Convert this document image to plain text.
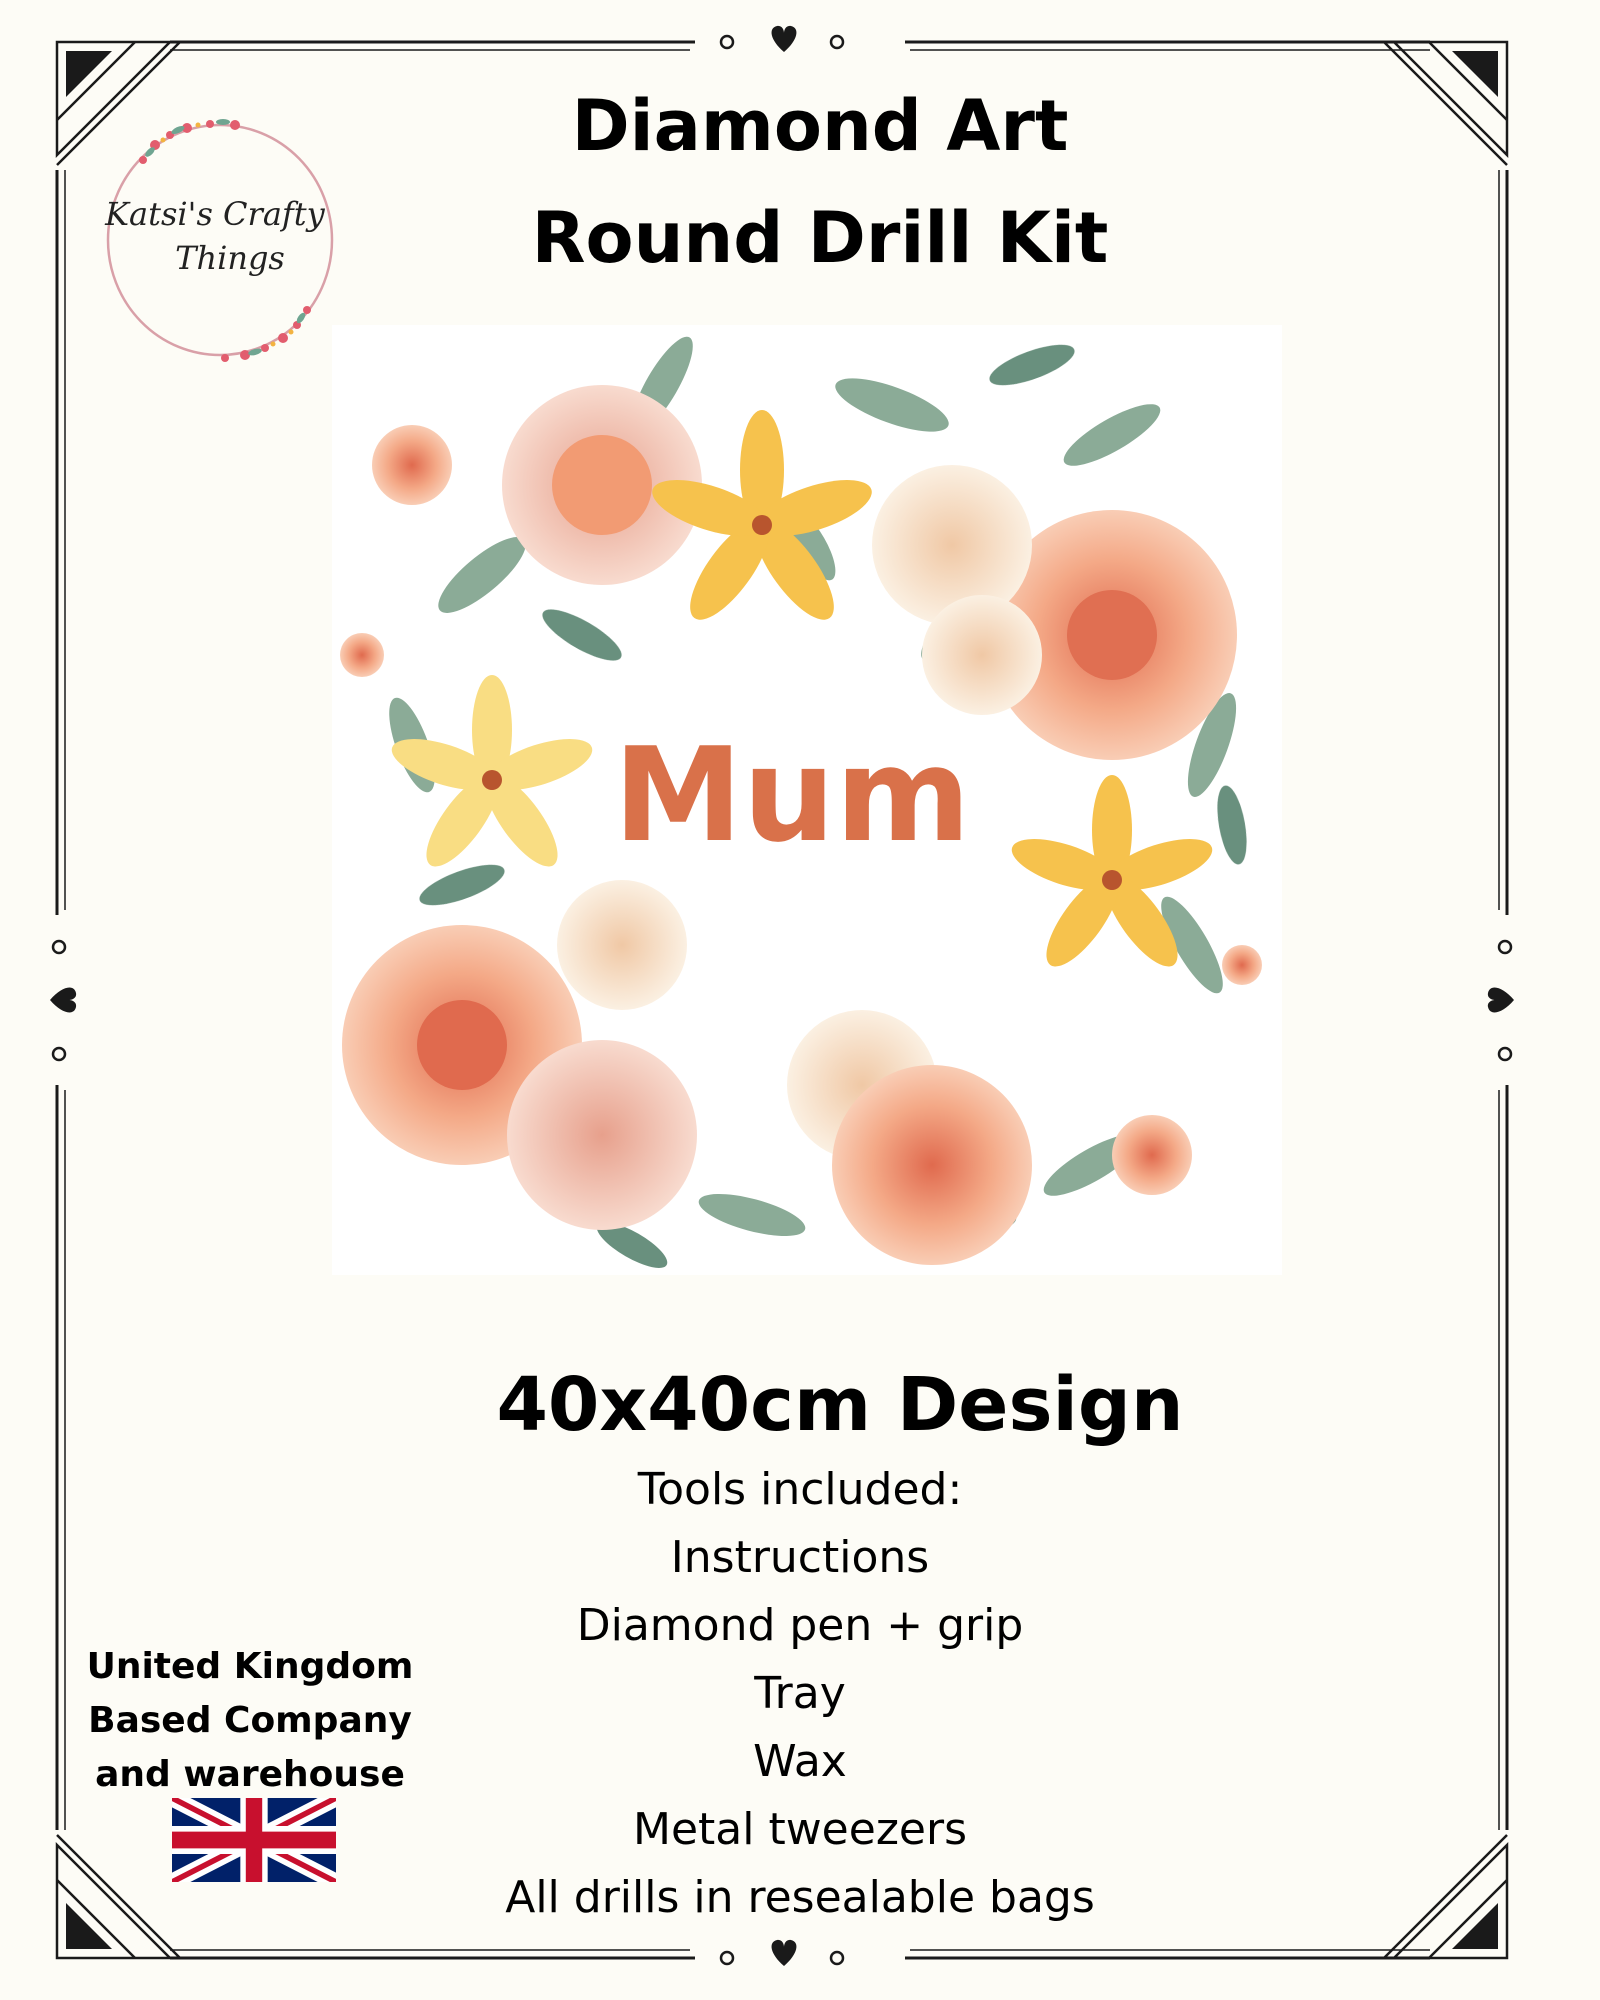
Katsi's Crafty Things
Diamond Art
Round Drill Kit
Mum
40x40cm Design
Tools included:
Instructions
Diamond pen + grip
Tray
Wax
Metal tweezers
All drills in resealable bags
United Kingdom
Based Company
and warehouse
